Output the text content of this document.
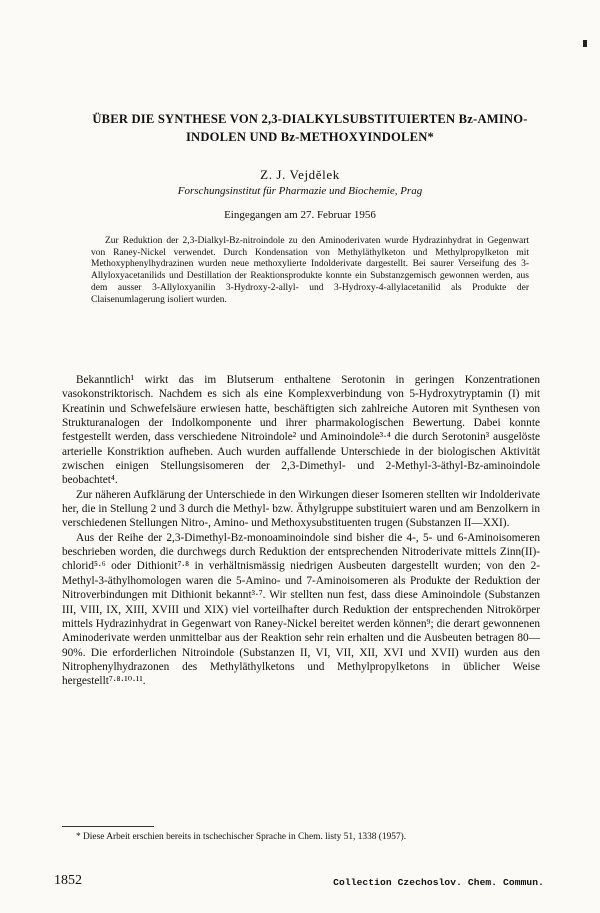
ÜBER DIE SYNTHESE VON 2,3-DIALKYLSUBSTITUIERTEN Bz-AMINO-
INDOLEN UND Bz-METHOXYINDOLEN*
Z. J. Vejdělek
Forschungsinstitut für Pharmazie und Biochemie, Prag
Eingegangen am 27. Februar 1956
Zur Reduktion der 2,3-Dialkyl-Bz-nitroindole zu den Aminoderivaten wurde Hydrazinhydrat in Gegenwart von Raney-Nickel verwendet. Durch Kondensation von Methyläthylketon und Methylpropylketon mit Methoxyphenylhydrazinen wurden neue methoxylierte Indolderivate dargestellt. Bei saurer Verseifung des 3-Allyloxyacetanilids und Destillation der Reaktionsprodukte konnte ein Substanzgemisch gewonnen werden, aus dem ausser 3-Allyloxyanilin 3-Hydroxy-2-allyl- und 3-Hydroxy-4-allylacetanilid als Produkte der Claisenumlagerung isoliert wurden.

Bekanntlich¹ wirkt das im Blutserum enthaltene Serotonin in geringen Konzentrationen vasokonstriktorisch. Nachdem es sich als eine Komplexverbindung von 5-Hydroxytryptamin (I) mit Kreatinin und Schwefelsäure erwiesen hatte, beschäftigten sich zahlreiche Autoren mit Synthesen von Strukturanalogen der Indolkomponente und ihrer pharmakologischen Bewertung. Dabei konnte festgestellt werden, dass verschiedene Nitroindole² und Aminoindole³·⁴ die durch Serotonin³ ausgelöste arterielle Konstriktion aufheben. Auch wurden auffallende Unterschiede in der biologischen Aktivität zwischen einigen Stellungsisomeren der 2,3-Dimethyl- und 2-Methyl-3-äthyl-Bz-aminoindole beobachtet⁴.

Zur näheren Aufklärung der Unterschiede in den Wirkungen dieser Isomeren stellten wir Indolderivate her, die in Stellung 2 und 3 durch die Methyl- bzw. Äthylgruppe substituiert waren und am Benzolkern in verschiedenen Stellungen Nitro-, Amino- und Methoxysubstituenten trugen (Substanzen II—XXI).

Aus der Reihe der 2,3-Dimethyl-Bz-monoaminoindole sind bisher die 4-, 5- und 6-Aminoisomeren beschrieben worden, die durchwegs durch Reduktion der entsprechenden Nitroderivate mittels Zinn(II)-chlorid⁵·⁶ oder Dithionit⁷·⁸ in verhältnismässig niedrigen Ausbeuten dargestellt wurden; von den 2-Methyl-3-äthylhomologen waren die 5-Amino- und 7-Aminoisomeren als Produkte der Reduktion der Nitroverbindungen mit Dithionit bekannt³·⁷. Wir stellten nun fest, dass diese Aminoindole (Substanzen III, VIII, IX, XIII, XVIII und XIX) viel vorteilhafter durch Reduktion der entsprechenden Nitrokörper mittels Hydrazinhydrat in Gegenwart von Raney-Nickel bereitet werden können⁹; die derart gewonnenen Aminoderivate werden unmittelbar aus der Reaktion sehr rein erhalten und die Ausbeuten betragen 80—90%. Die erforderlichen Nitroindole (Substanzen II, VI, VII, XII, XVI und XVII) wurden aus den Nitrophenylhydrazonen des Methyläthylketons und Methylpropylketons in üblicher Weise hergestellt⁷·⁸·¹⁰·¹¹.

* Diese Arbeit erschien bereits in tschechischer Sprache in Chem. listy 51, 1338 (1957).
1852	Collection Czechoslov. Chem. Commun.
